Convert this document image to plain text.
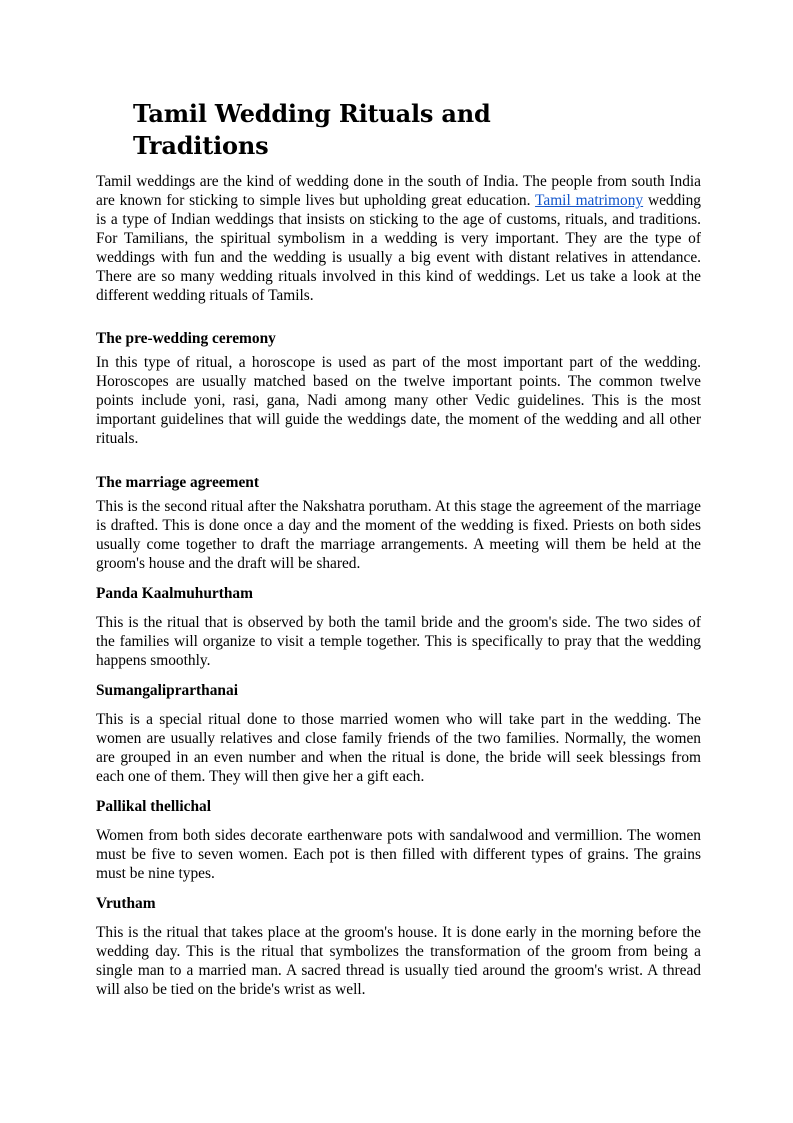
Tamil Wedding Rituals and Traditions

Tamil weddings are the kind of wedding done in the south of India. The people from south India are known for sticking to simple lives but upholding great education. Tamil matrimony wedding is a type of Indian weddings that insists on sticking to the age of customs, rituals, and traditions. For Tamilians, the spiritual symbolism in a wedding is very important. They are the type of weddings with fun and the wedding is usually a big event with distant relatives in attendance. There are so many wedding rituals involved in this kind of weddings. Let us take a look at the different wedding rituals of Tamils.

The pre-wedding ceremony

In this type of ritual, a horoscope is used as part of the most important part of the wedding. Horoscopes are usually matched based on the twelve important points. The common twelve points include yoni, rasi, gana, Nadi among many other Vedic guidelines. This is the most important guidelines that will guide the weddings date, the moment of the wedding and all other rituals.

The marriage agreement

This is the second ritual after the Nakshatra porutham. At this stage the agreement of the marriage is drafted. This is done once a day and the moment of the wedding is fixed. Priests on both sides usually come together to draft the marriage arrangements. A meeting will them be held at the groom's house and the draft will be shared.

Panda Kaalmuhurtham

This is the ritual that is observed by both the tamil bride and the groom's side. The two sides of the families will organize to visit a temple together. This is specifically to pray that the wedding happens smoothly.

Sumangaliprarthanai

This is a special ritual done to those married women who will take part in the wedding. The women are usually relatives and close family friends of the two families. Normally, the women are grouped in an even number and when the ritual is done, the bride will seek blessings from each one of them. They will then give her a gift each.

Pallikal thellichal

Women from both sides decorate earthenware pots with sandalwood and vermillion. The women must be five to seven women. Each pot is then filled with different types of grains. The grains must be nine types.

Vrutham

This is the ritual that takes place at the groom's house. It is done early in the morning before the wedding day. This is the ritual that symbolizes the transformation of the groom from being a single man to a married man. A sacred thread is usually tied around the groom's wrist. A thread will also be tied on the bride's wrist as well.
